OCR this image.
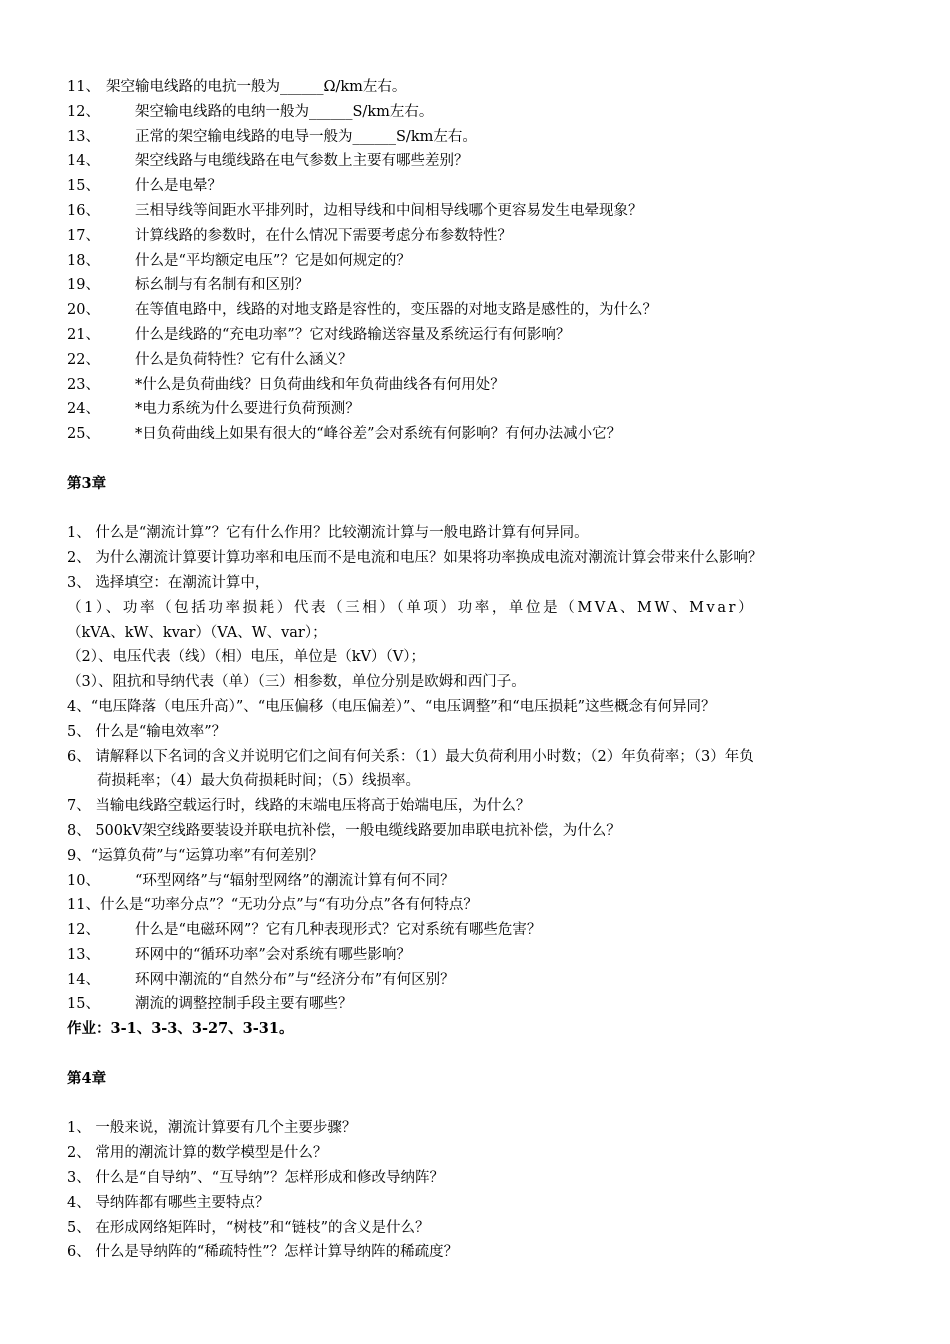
11、 架空输电线路的电抗一般为______Ω/km左右。
12、 架空输电线路的电纳一般为______S/km左右。
13、 正常的架空输电线路的电导一般为______S/km左右。
14、 架空线路与电缆线路在电气参数上主要有哪些差别？
15、 什么是电晕？
16、 三相导线等间距水平排列时，边相导线和中间相导线哪个更容易发生电晕现象？
17、 计算线路的参数时，在什么情况下需要考虑分布参数特性？
18、 什么是“平均额定电压”？它是如何规定的？
19、 标幺制与有名制有和区别？
20、 在等值电路中，线路的对地支路是容性的，变压器的对地支路是感性的，为什么？
21、 什么是线路的“充电功率”？它对线路输送容量及系统运行有何影响？
22、 什么是负荷特性？它有什么涵义？
23、 *什么是负荷曲线？日负荷曲线和年负荷曲线各有何用处？
24、 *电力系统为什么要进行负荷预测？
25、 *日负荷曲线上如果有很大的“峰谷差”会对系统有何影响？有何办法减小它？
第3章
1、 什么是“潮流计算”？它有什么作用？比较潮流计算与一般电路计算有何异同。
2、 为什么潮流计算要计算功率和电压而不是电流和电压？如果将功率换成电流对潮流计算会带来什么影响？
3、 选择填空：在潮流计算中，
（1）、功率（包括功率损耗）代表（三相）（单项）功率，单位是（MVA、MW、Mvar）
（kVA、kW、kvar）（VA、W、var）；
（2）、电压代表（线）（相）电压，单位是（kV）（V）；
（3）、阻抗和导纳代表（单）（三）相参数，单位分别是欧姆和西门子。
4、“电压降落（电压升高）”、“电压偏移（电压偏差）”、“电压调整”和“电压损耗”这些概念有何异同？
5、 什么是“输电效率”？
6、 请解释以下名词的含义并说明它们之间有何关系：（1）最大负荷利用小时数；（2）年负荷率；（3）年负
荷损耗率；（4）最大负荷损耗时间；（5）线损率。
7、 当输电线路空载运行时，线路的末端电压将高于始端电压，为什么？
8、 500kV架空线路要装设并联电抗补偿，一般电缆线路要加串联电抗补偿，为什么？
9、“运算负荷”与“运算功率”有何差别？
10、 “环型网络”与“辐射型网络”的潮流计算有何不同？
11、什么是“功率分点”？“无功分点”与“有功分点”各有何特点？
12、 什么是“电磁环网”？它有几种表现形式？它对系统有哪些危害？
13、 环网中的“循环功率”会对系统有哪些影响？
14、 环网中潮流的“自然分布”与“经济分布”有何区别？
15、 潮流的调整控制手段主要有哪些？
作业：3-1、3-3、3-27、3-31。
第4章
1、 一般来说，潮流计算要有几个主要步骤？
2、 常用的潮流计算的数学模型是什么？
3、 什么是“自导纳”、“互导纳”？怎样形成和修改导纳阵？
4、 导纳阵都有哪些主要特点？
5、 在形成网络矩阵时，“树枝”和“链枝”的含义是什么？
6、 什么是导纳阵的“稀疏特性”？怎样计算导纳阵的稀疏度？
